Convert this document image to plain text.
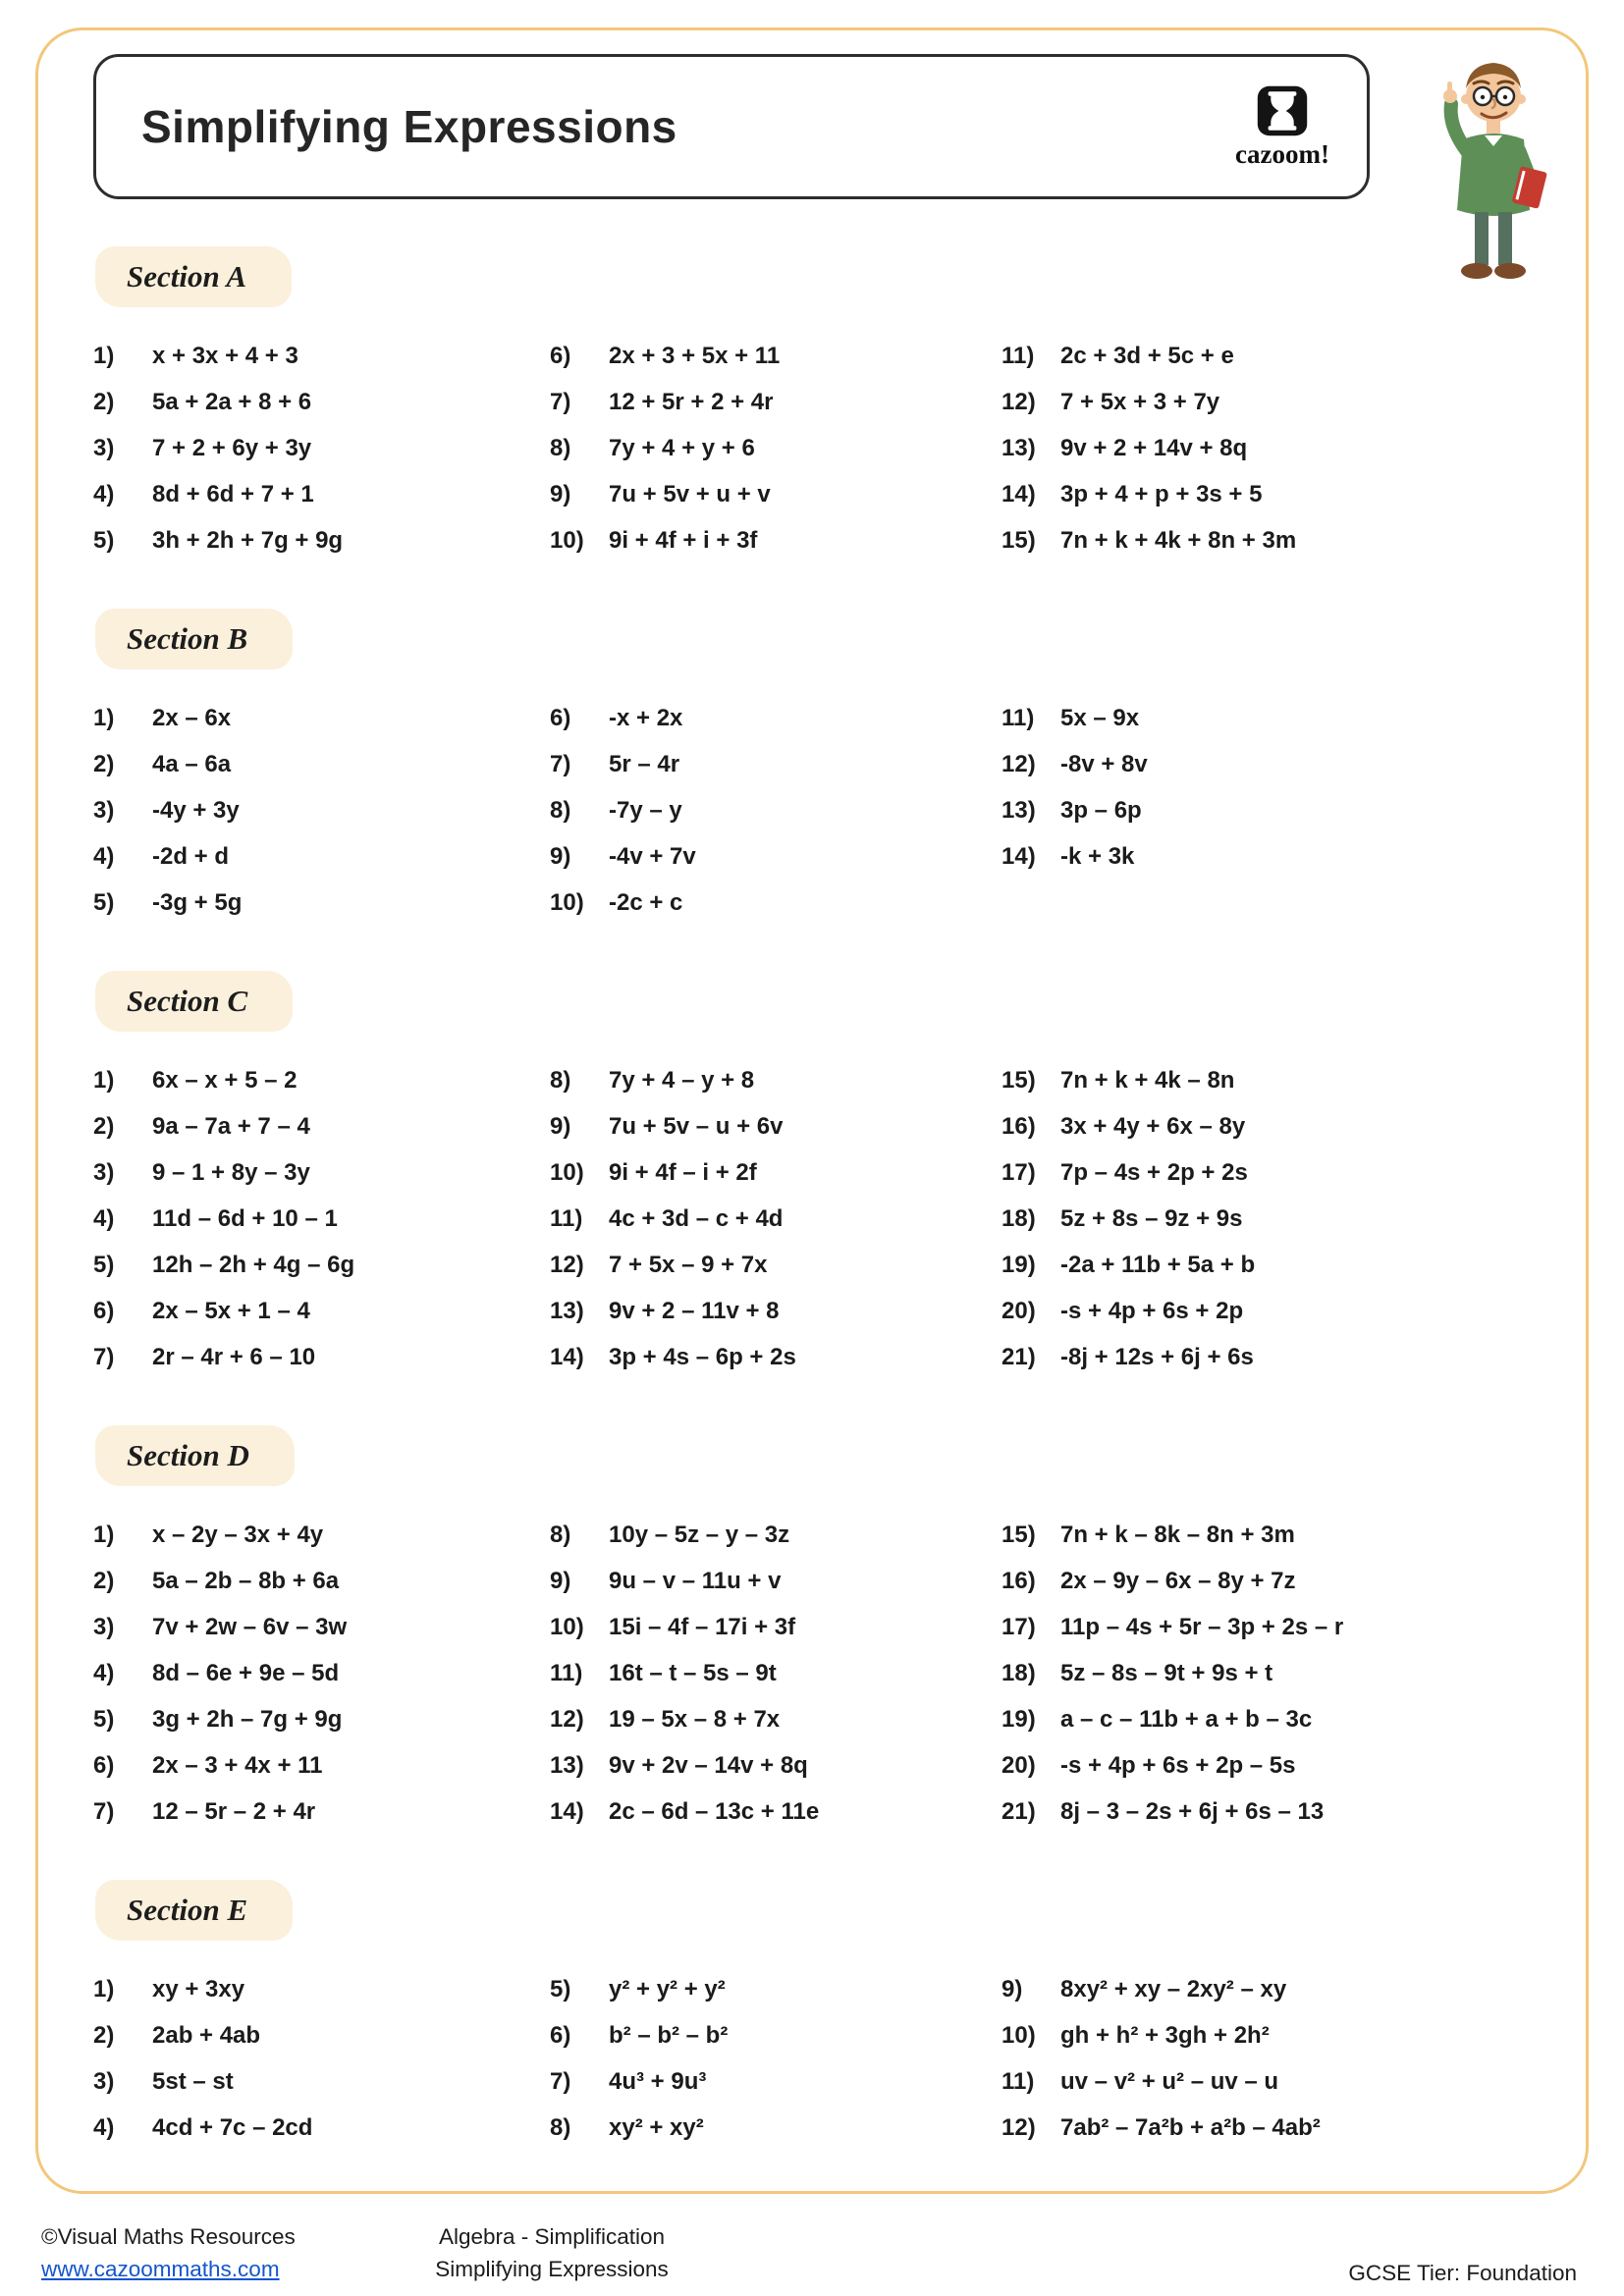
Simplifying Expressions
cazoom!
Section A
1)	x + 3x + 4 + 3
2)	5a + 2a + 8 + 6
3)	7 + 2 + 6y + 3y
4)	8d + 6d + 7 + 1
5)	3h + 2h + 7g + 9g
6)	2x + 3 + 5x + 11
7)	12 + 5r + 2 + 4r
8)	7y + 4 + y + 6
9)	7u + 5v + u + v
10)	9i + 4f + i + 3f
11)	2c + 3d + 5c + e
12)	7 + 5x + 3 + 7y
13)	9v + 2 + 14v + 8q
14)	3p + 4 + p + 3s + 5
15)	7n + k + 4k + 8n + 3m
Section B
1)	2x – 6x
2)	4a – 6a
3)	-4y + 3y
4)	-2d + d
5)	-3g + 5g
6)	-x + 2x
7)	5r – 4r
8)	-7y – y
9)	-4v + 7v
10)	-2c + c
11)	5x – 9x
12)	-8v + 8v
13)	3p – 6p
14)	-k + 3k
Section C
1)	6x – x + 5 – 2
2)	9a – 7a + 7 – 4
3)	9 – 1 + 8y – 3y
4)	11d – 6d + 10 – 1
5)	12h – 2h + 4g – 6g
6)	2x – 5x + 1 – 4
7)	2r – 4r + 6 – 10
8)	7y + 4 – y + 8
9)	7u + 5v – u + 6v
10)	9i + 4f – i + 2f
11)	4c + 3d – c + 4d
12)	7 + 5x – 9 + 7x
13)	9v + 2 – 11v + 8
14)	3p + 4s – 6p + 2s
15)	7n + k + 4k – 8n
16)	3x + 4y + 6x – 8y
17)	7p – 4s + 2p + 2s
18)	5z + 8s – 9z + 9s
19)	-2a + 11b + 5a + b
20)	-s + 4p + 6s + 2p
21)	-8j + 12s + 6j + 6s
Section D
1)	x – 2y – 3x + 4y
2)	5a – 2b – 8b + 6a
3)	7v + 2w – 6v – 3w
4)	8d – 6e + 9e – 5d
5)	3g + 2h – 7g + 9g
6)	2x – 3 + 4x + 11
7)	12 – 5r – 2 + 4r
8)	10y – 5z – y – 3z
9)	9u – v – 11u + v
10)	15i – 4f – 17i + 3f
11)	16t – t – 5s – 9t
12)	19 – 5x – 8 + 7x
13)	9v + 2v – 14v + 8q
14)	2c – 6d – 13c + 11e
15)	7n + k – 8k – 8n + 3m
16)	2x – 9y – 6x – 8y + 7z
17)	11p – 4s + 5r – 3p + 2s – r
18)	5z – 8s – 9t + 9s + t
19)	a – c – 11b + a + b – 3c
20)	-s + 4p + 6s + 2p – 5s
21)	8j – 3 – 2s + 6j + 6s – 13
Section E
1)	xy + 3xy
2)	2ab + 4ab
3)	5st – st
4)	4cd + 7c – 2cd
5)	y² + y² + y²
6)	b² – b² – b²
7)	4u³ + 9u³
8)	xy² + xy²
9)	8xy² + xy – 2xy² – xy
10)	gh + h² + 3gh + 2h²
11)	uv – v² + u² – uv – u
12)	7ab² – 7a²b + a²b – 4ab²
©Visual Maths Resources
www.cazoommaths.com
Algebra - Simplification
Simplifying Expressions	GCSE Tier: Foundation
